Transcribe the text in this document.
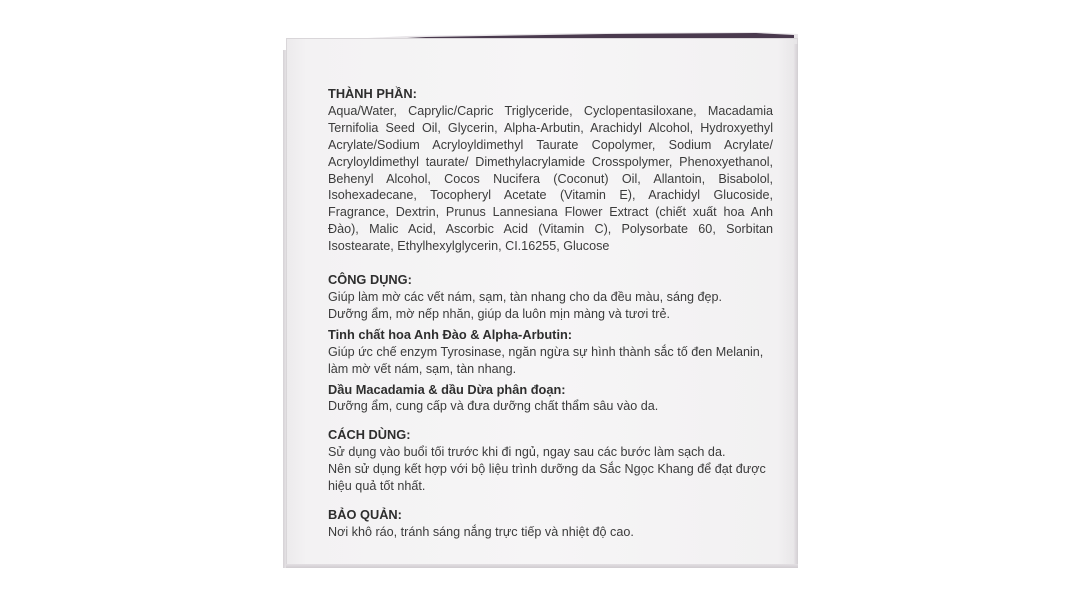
THÀNH PHẦN:

Aqua/Water, Caprylic/Capric Triglyceride, Cyclopentasiloxane, Macadamia Ternifolia Seed Oil, Glycerin, Alpha-Arbutin, Arachidyl Alcohol, Hydroxyethyl Acrylate/Sodium Acryloyldimethyl Taurate Copolymer, Sodium Acrylate/ Acryloyldimethyl taurate/ Dimethylacrylamide Crosspolymer, Phenoxyethanol, Behenyl Alcohol, Cocos Nucifera (Coconut) Oil, Allantoin, Bisabolol, Isohexadecane, Tocopheryl Acetate (Vitamin E), Arachidyl Glucoside, Fragrance, Dextrin, Prunus Lannesiana Flower Extract (chiết xuất hoa Anh Đào), Malic Acid, Ascorbic Acid (Vitamin C), Polysorbate 60, Sorbitan Isostearate, Ethylhexylglycerin, CI.16255, Glucose

CÔNG DỤNG:

Giúp làm mờ các vết nám, sạm, tàn nhang cho da đều màu, sáng đẹp.

Dưỡng ẩm, mờ nếp nhăn, giúp da luôn mịn màng và tươi trẻ.

Tinh chất hoa Anh Đào & Alpha-Arbutin:

Giúp ức chế enzym Tyrosinase, ngăn ngừa sự hình thành sắc tố đen Melanin,

làm mờ vết nám, sạm, tàn nhang.

Dầu Macadamia & dầu Dừa phân đoạn:

Dưỡng ẩm, cung cấp và đưa dưỡng chất thẩm sâu vào da.

CÁCH DÙNG:

Sử dụng vào buổi tối trước khi đi ngủ, ngay sau các bước làm sạch da.

Nên sử dụng kết hợp với bộ liệu trình dưỡng da Sắc Ngọc Khang để đạt được

hiệu quả tốt nhất.

BẢO QUẢN:

Nơi khô ráo, tránh sáng nắng trực tiếp và nhiệt độ cao.
